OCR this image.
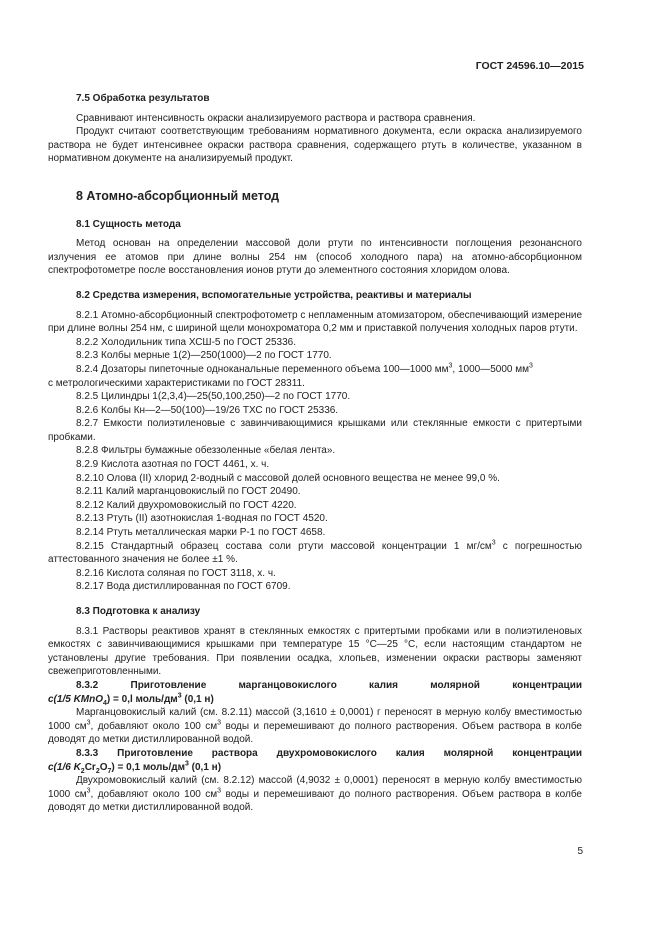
ГОСТ 24596.10—2015

7.5 Обработка результатов

Сравнивают интенсивность окраски анализируемого раствора и раствора сравнения.

Продукт считают соответствующим требованиям нормативного документа, если окраска анализируемого раствора не будет интенсивнее окраски раствора сравнения, содержащего ртуть в количестве, указанном в нормативном документе на анализируемый продукт.

8 Атомно-абсорбционный метод

8.1 Сущность метода

Метод основан на определении массовой доли ртути по интенсивности поглощения резонансного излучения ее атомов при длине волны 254 нм (способ холодного пара) на атомно-абсорбционном спектрофотометре после восстановления ионов ртути до элементного состояния хлоридом олова.

8.2 Средства измерения, вспомогательные устройства, реактивы и материалы

8.2.1 Атомно-абсорбционный спектрофотометр с непламенным атомизатором, обеспечивающий измерение при длине волны 254 нм, с шириной щели монохроматора 0,2 мм и приставкой получения холодных паров ртути.

8.2.2 Холодильник типа ХСШ-5 по ГОСТ 25336.

8.2.3 Колбы мерные 1(2)—250(1000)—2 по ГОСТ 1770.

8.2.4 Дозаторы пипеточные одноканальные переменного объема 100—1000 $мм^3$, 1000—5000 $мм^3$

с метрологическими характеристиками по ГОСТ 28311.

8.2.5 Цилиндры 1(2,3,4)—25(50,100,250)—2 по ГОСТ 1770.

8.2.6 Колбы Кн—2—50(100)—19/26 ТХС по ГОСТ 25336.

8.2.7 Емкости полиэтиленовые с завинчивающимися крышками или стеклянные емкости с притертыми пробками.

8.2.8 Фильтры бумажные обеззоленные «белая лента».

8.2.9 Кислота азотная по ГОСТ 4461, х. ч.

8.2.10 Олова (II) хлорид 2-водный с массовой долей основного вещества не менее 99,0 %.

8.2.11 Калий марганцовокислый по ГОСТ 20490.

8.2.12 Калий двухромовокислый по ГОСТ 4220.

8.2.13 Ртуть (II) азотнокислая 1-водная по ГОСТ 4520.

8.2.14 Ртуть металлическая марки Р-1 по ГОСТ 4658.

8.2.15 Стандартный образец состава соли ртути массовой концентрации 1 $мг/см^3$ с погрешностью аттестованного значения не более ±1 %.

8.2.16 Кислота соляная по ГОСТ 3118, х. ч.

8.2.17 Вода дистиллированная по ГОСТ 6709.

8.3 Подготовка к анализу

8.3.1 Растворы реактивов хранят в стеклянных емкостях с притертыми пробками или в полиэтиленовых емкостях с завинчивающимися крышками при температуре 15 °С—25 °С, если настоящим стандартом не установлены другие требования. При появлении осадка, хлопьев, изменении окраски растворы заменяют свежеприготовленными.

8.3.2 Приготовление марганцовокислого калия молярной концентрации

c(1/5 KMnO$_4$) = 0,l моль/$дм^3$ (0,1 н)

Марганцовокислый калий (см. 8.2.11) массой (3,1610 ± 0,0001) г переносят в мерную колбу вместимостью 1000 $см^3$, добавляют около 100 $см^3$ воды и перемешивают до полного растворения. Объем раствора в колбе доводят до метки дистиллированной водой.

8.3.3 Приготовление раствора двухромовокислого калия молярной концентрации

c(1/6 $K_2Cr_2O_7) = 0,1$ моль/$дм^3$ (0,1 н)

Двухромовокислый калий (см. 8.2.12) массой (4,9032 ± 0,0001) переносят в мерную колбу вместимостью 1000 $см^3$, добавляют около 100 $см^3$ воды и перемешивают до полного растворения. Объем раствора в колбе доводят до метки дистиллированной водой.

5
